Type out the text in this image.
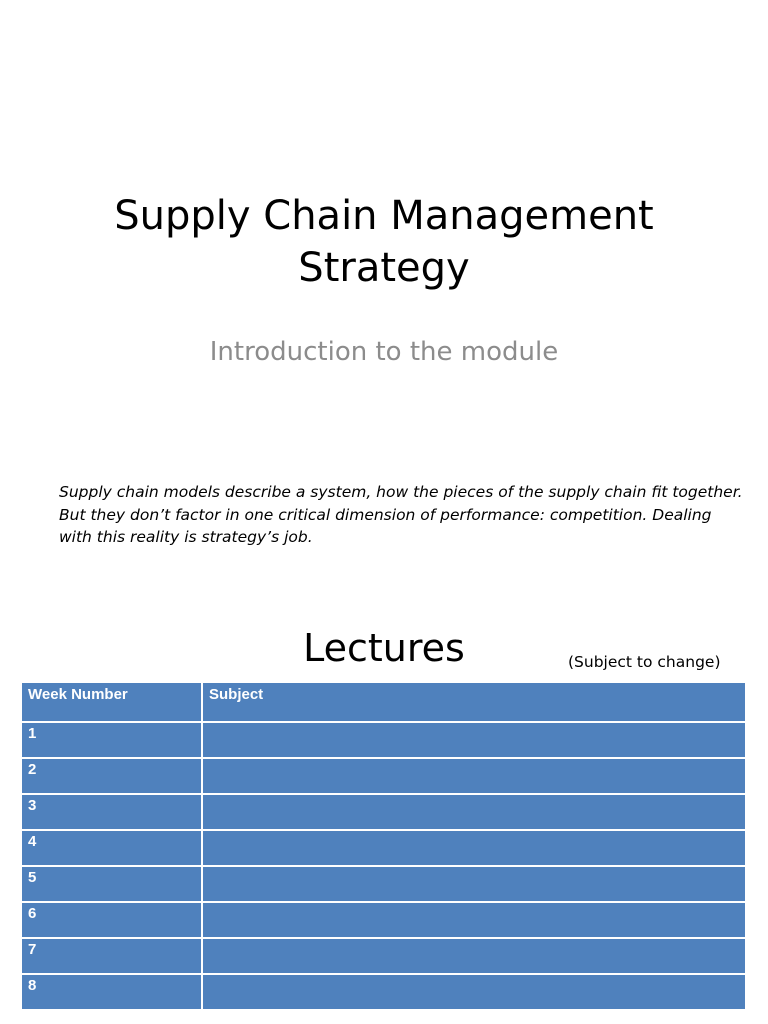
Supply Chain Management
Strategy

Introduction to the module

Supply chain models describe a system, how the pieces of the supply chain fit together. But they don’t factor in one critical dimension of performance: competition. Dealing with this reality is strategy’s job.

Lectures	(Subject to change)
Week Number	Subject
1	
2	
3	
4	
5	
6	
7	
8	
